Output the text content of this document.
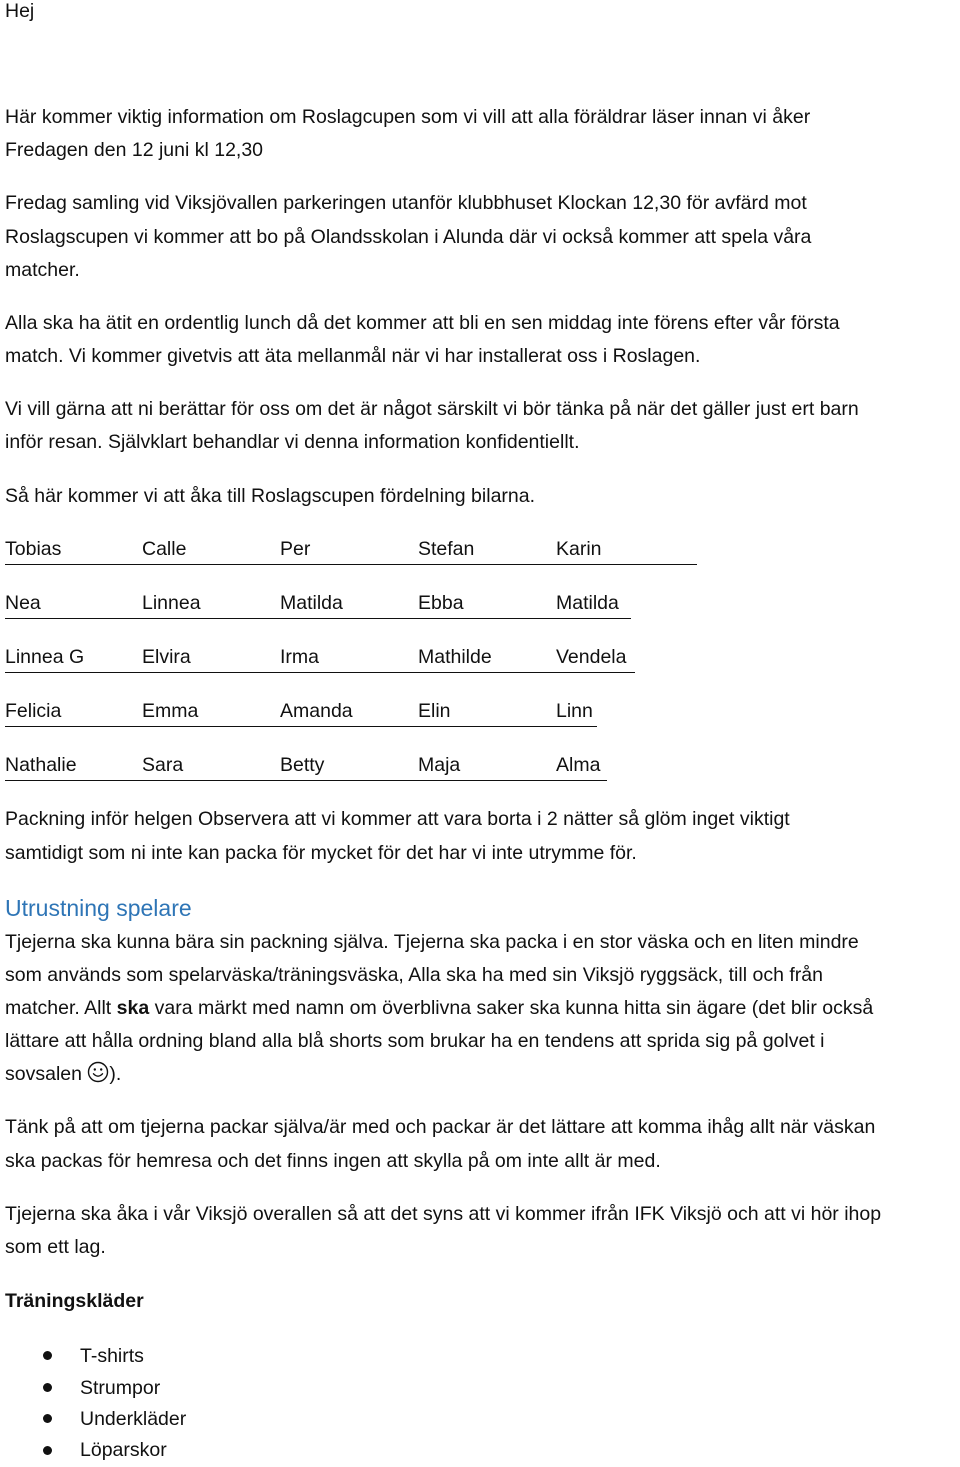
Hej

Här kommer viktig information om Roslagcupen som vi vill att alla föräldrar läser innan vi åker

Fredagen den 12 juni kl 12,30

Fredag samling vid Viksjövallen parkeringen utanför klubbhuset Klockan 12,30 för avfärd mot

Roslagscupen vi kommer att bo på Olandsskolan i Alunda där vi också kommer att spela våra

matcher.

Alla ska ha ätit en ordentlig lunch då det kommer att bli en sen middag inte förens efter vår första

match. Vi kommer givetvis att äta mellanmål när vi har installerat oss i Roslagen.

Vi vill gärna att ni berättar för oss om det är något särskilt vi bör tänka på när det gäller just ert barn

inför resan. Självklart behandlar vi denna information konfidentiellt.

Så här kommer vi att åka till Roslagscupen fördelning bilarna.

Tobias	Calle	Per	Stefan	Karin
Nea	Linnea	Matilda	Ebba	Matilda
Linnea G	Elvira	Irma	Mathilde	Vendela
Felicia	Emma	Amanda	Elin	Linn
Nathalie	Sara	Betty	Maja	Alma

Packning inför helgen Observera att vi kommer att vara borta i 2 nätter så glöm inget viktigt

samtidigt som ni inte kan packa för mycket för det har vi inte utrymme för.

Utrustning spelare

Tjejerna ska kunna bära sin packning själva. Tjejerna ska packa i en stor väska och en liten mindre

som används som spelarväska/träningsväska, Alla ska ha med sin Viksjö ryggsäck, till och från

matcher. Allt ska vara märkt med namn om överblivna saker ska kunna hitta sin ägare (det blir också

lättare att hålla ordning bland alla blå shorts som brukar ha en tendens att sprida sig på golvet i

sovsalen ).

Tänk på att om tjejerna packar själva/är med och packar är det lättare att komma ihåg allt när väskan

ska packas för hemresa och det finns ingen att skylla på om inte allt är med.

Tjejerna ska åka i vår Viksjö overallen så att det syns att vi kommer ifrån IFK Viksjö och att vi hör ihop

som ett lag.

Träningskläder

T-shirts
Strumpor
Underkläder
Löparskor
